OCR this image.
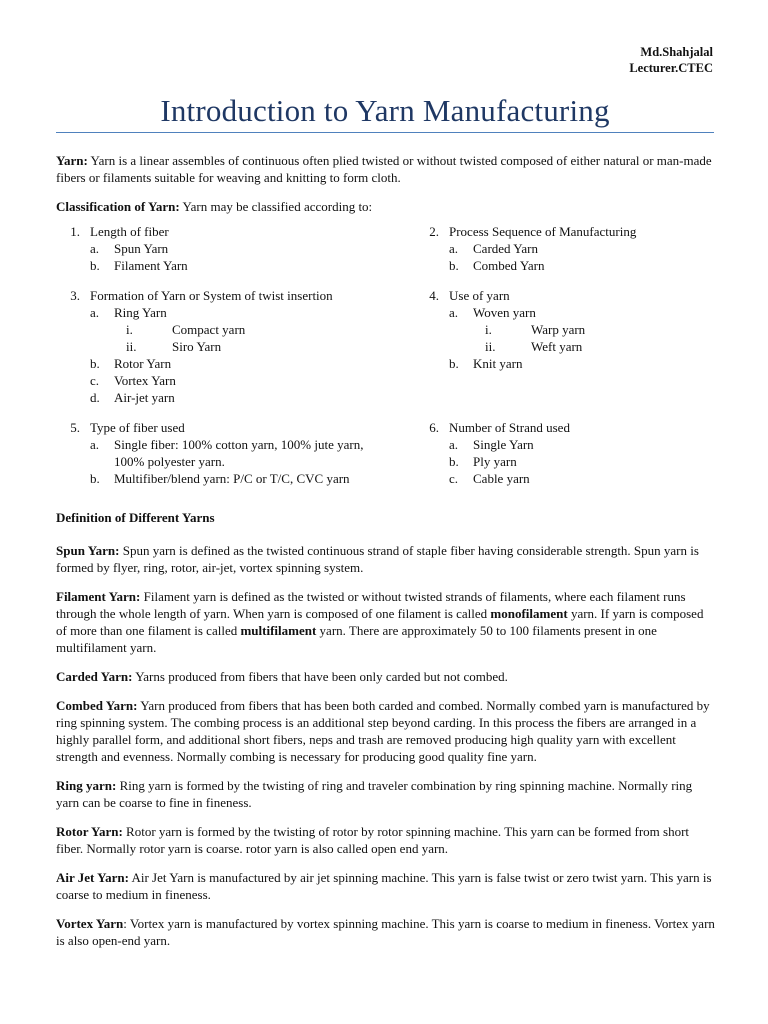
Md.Shahjalal
Lecturer.CTEC
Introduction to Yarn Manufacturing

Yarn: Yarn is a linear assembles of continuous often plied twisted or without twisted composed of either natural or man-made fibers or filaments suitable for weaving and knitting to form cloth.

Classification of Yarn: Yarn may be classified according to:

1. Length of fiber
a.	Spun Yarn
b.	Filament Yarn
2. Process Sequence of Manufacturing
a.	Carded Yarn
b.	Combed Yarn
3. Formation of Yarn or System of twist insertion
a.	Ring Yarn
i.	Compact yarn
ii.	Siro Yarn
b.	Rotor Yarn
c.	Vortex Yarn
d.	Air-jet yarn
4. Use of yarn
a.	Woven yarn
i.	Warp yarn
ii.	Weft yarn
b.	Knit yarn
5. Type of fiber used
a.	Single fiber: 100% cotton yarn, 100% jute yarn, 100% polyester yarn.
b.	Multifiber/blend yarn: P/C or T/C, CVC yarn
6. Number of Strand used
a.	Single Yarn
b.	Ply yarn
c.	Cable yarn
Definition of Different Yarns

Spun Yarn: Spun yarn is defined as the twisted continuous strand of staple fiber having considerable strength. Spun yarn is formed by flyer, ring, rotor, air-jet, vortex spinning system.

Filament Yarn: Filament yarn is defined as the twisted or without twisted strands of filaments, where each filament runs through the whole length of yarn. When yarn is composed of one filament is called monofilament yarn. If yarn is composed of more than one filament is called multifilament yarn. There are approximately 50 to 100 filaments present in one multifilament yarn.

Carded Yarn: Yarns produced from fibers that have been only carded but not combed.

Combed Yarn: Yarn produced from fibers that has been both carded and combed. Normally combed yarn is manufactured by ring spinning system. The combing process is an additional step beyond carding. In this process the fibers are arranged in a highly parallel form, and additional short fibers, neps and trash are removed producing high quality yarn with excellent strength and evenness. Normally combing is necessary for producing good quality fine yarn.

Ring yarn: Ring yarn is formed by the twisting of ring and traveler combination by ring spinning machine. Normally ring yarn can be coarse to fine in fineness.

Rotor Yarn: Rotor yarn is formed by the twisting of rotor by rotor spinning machine. This yarn can be formed from short fiber. Normally rotor yarn is coarse. rotor yarn is also called open end yarn.

Air Jet Yarn: Air Jet Yarn is manufactured by air jet spinning machine. This yarn is false twist or zero twist yarn. This yarn is coarse to medium in fineness.

Vortex Yarn: Vortex yarn is manufactured by vortex spinning machine. This yarn is coarse to medium in fineness. Vortex yarn is also open-end yarn.
